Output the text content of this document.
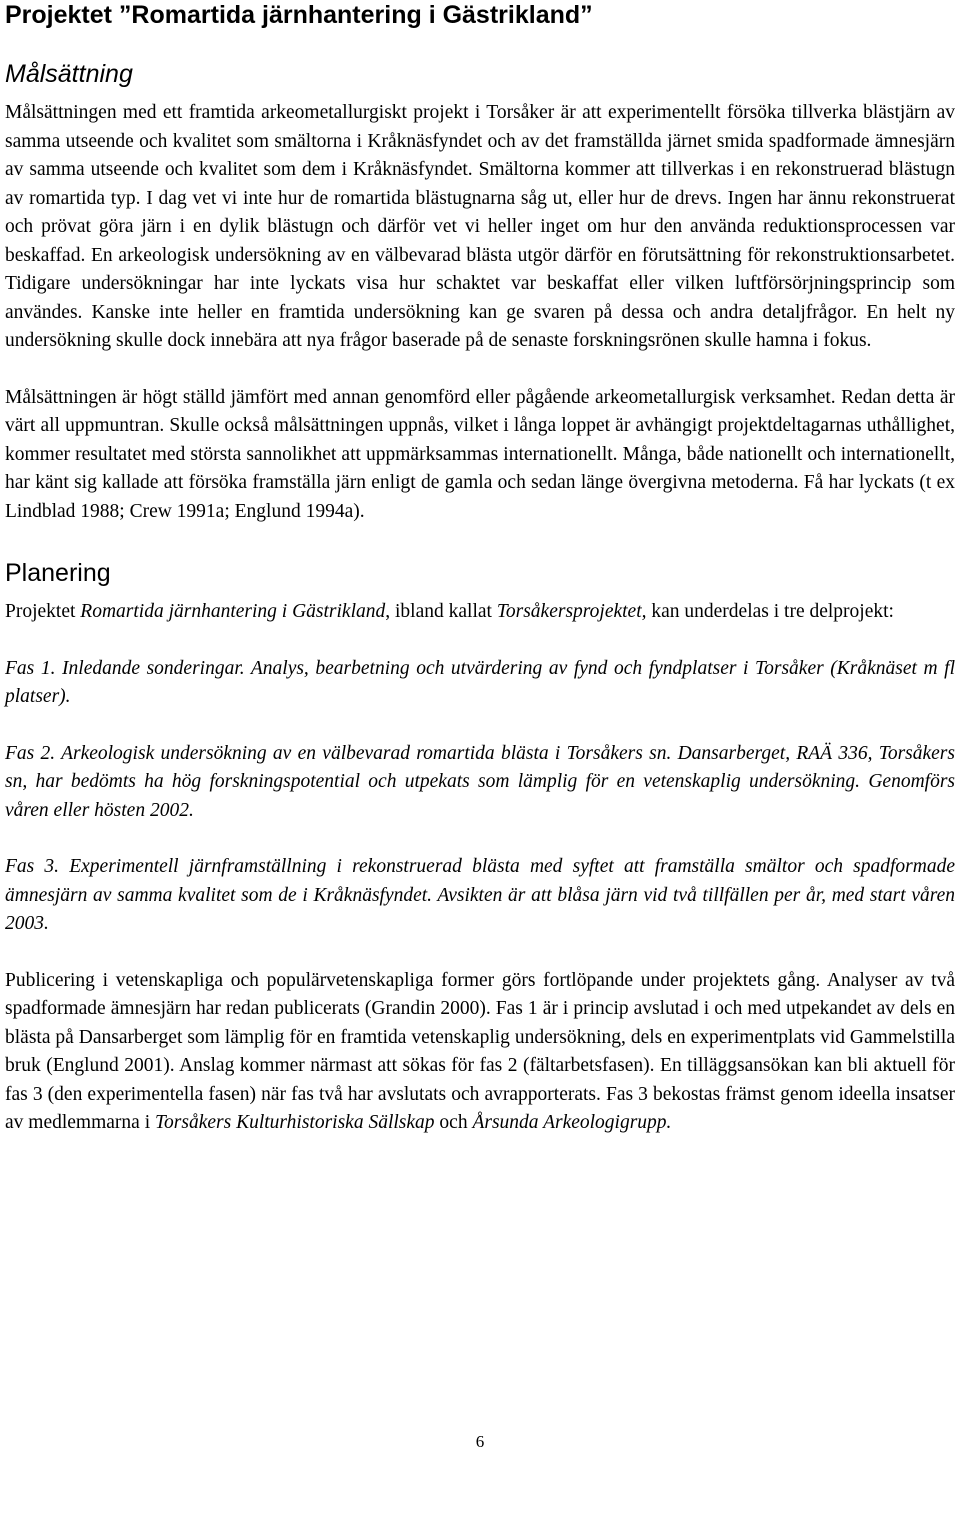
Projektet ”Romartida järnhantering i Gästrikland”
Målsättning

Målsättningen med ett framtida arkeometallurgiskt projekt i Torsåker är att experimentellt försöka tillverka blästjärn av samma utseende och kvalitet som smältorna i Kråknäsfyndet och av det framställda järnet smida spadformade ämnesjärn av samma utseende och kvalitet som dem i Kråknäsfyndet. Smältorna kommer att tillverkas i en rekonstruerad blästugn av romartida typ. I dag vet vi inte hur de romartida blästugnarna såg ut, eller hur de drevs. Ingen har ännu rekonstruerat och prövat göra järn i en dylik blästugn och därför vet vi heller inget om hur den använda reduktionsprocessen var beskaffad. En arkeologisk undersökning av en välbevarad blästa utgör därför en förutsättning för rekonstruktionsarbetet. Tidigare undersökningar har inte lyckats visa hur schaktet var beskaffat eller vilken luftförsörjningsprincip som användes. Kanske inte heller en framtida undersökning kan ge svaren på dessa och andra detaljfrågor. En helt ny undersökning skulle dock innebära att nya frågor baserade på de senaste forskningsrönen skulle hamna i fokus.

Målsättningen är högt ställd jämfört med annan genomförd eller pågående arkeometallurgisk verksamhet. Redan detta är värt all uppmuntran. Skulle också målsättningen uppnås, vilket i långa loppet är avhängigt projektdeltagarnas uthållighet, kommer resultatet med största sannolikhet att uppmärksammas internationellt. Många, både nationellt och internationellt, har känt sig kallade att försöka framställa järn enligt de gamla och sedan länge övergivna metoderna. Få har lyckats (t ex Lindblad 1988; Crew 1991a; Englund 1994a).

Planering

Projektet Romartida järnhantering i Gästrikland, ibland kallat Torsåkersprojektet, kan underdelas i tre delprojekt:

Fas 1. Inledande sonderingar. Analys, bearbetning och utvärdering av fynd och fyndplatser i Torsåker (Kråknäset m fl platser).

Fas 2. Arkeologisk undersökning av en välbevarad romartida blästa i Torsåkers sn. Dansarberget, RAÄ 336, Torsåkers sn, har bedömts ha hög forskningspotential och utpekats som lämplig för en vetenskaplig undersökning. Genomförs våren eller hösten 2002.

Fas 3. Experimentell järnframställning i rekonstruerad blästa med syftet att framställa smältor och spadformade ämnesjärn av samma kvalitet som de i Kråknäsfyndet. Avsikten är att blåsa järn vid två tillfällen per år, med start våren 2003.

Publicering i vetenskapliga och populärvetenskapliga former görs fortlöpande under projektets gång. Analyser av två spadformade ämnesjärn har redan publicerats (Grandin 2000). Fas 1 är i princip avslutad i och med utpekandet av dels en blästa på Dansarberget som lämplig för en framtida vetenskaplig undersökning, dels en experimentplats vid Gammelstilla bruk (Englund 2001). Anslag kommer närmast att sökas för fas 2 (fältarbetsfasen). En tilläggsansökan kan bli aktuell för fas 3 (den experimentella fasen) när fas två har avslutats och avrapporterats. Fas 3 bekostas främst genom ideella insatser av medlemmarna i Torsåkers Kulturhistoriska Sällskap och Årsunda Arkeologigrupp.

6
